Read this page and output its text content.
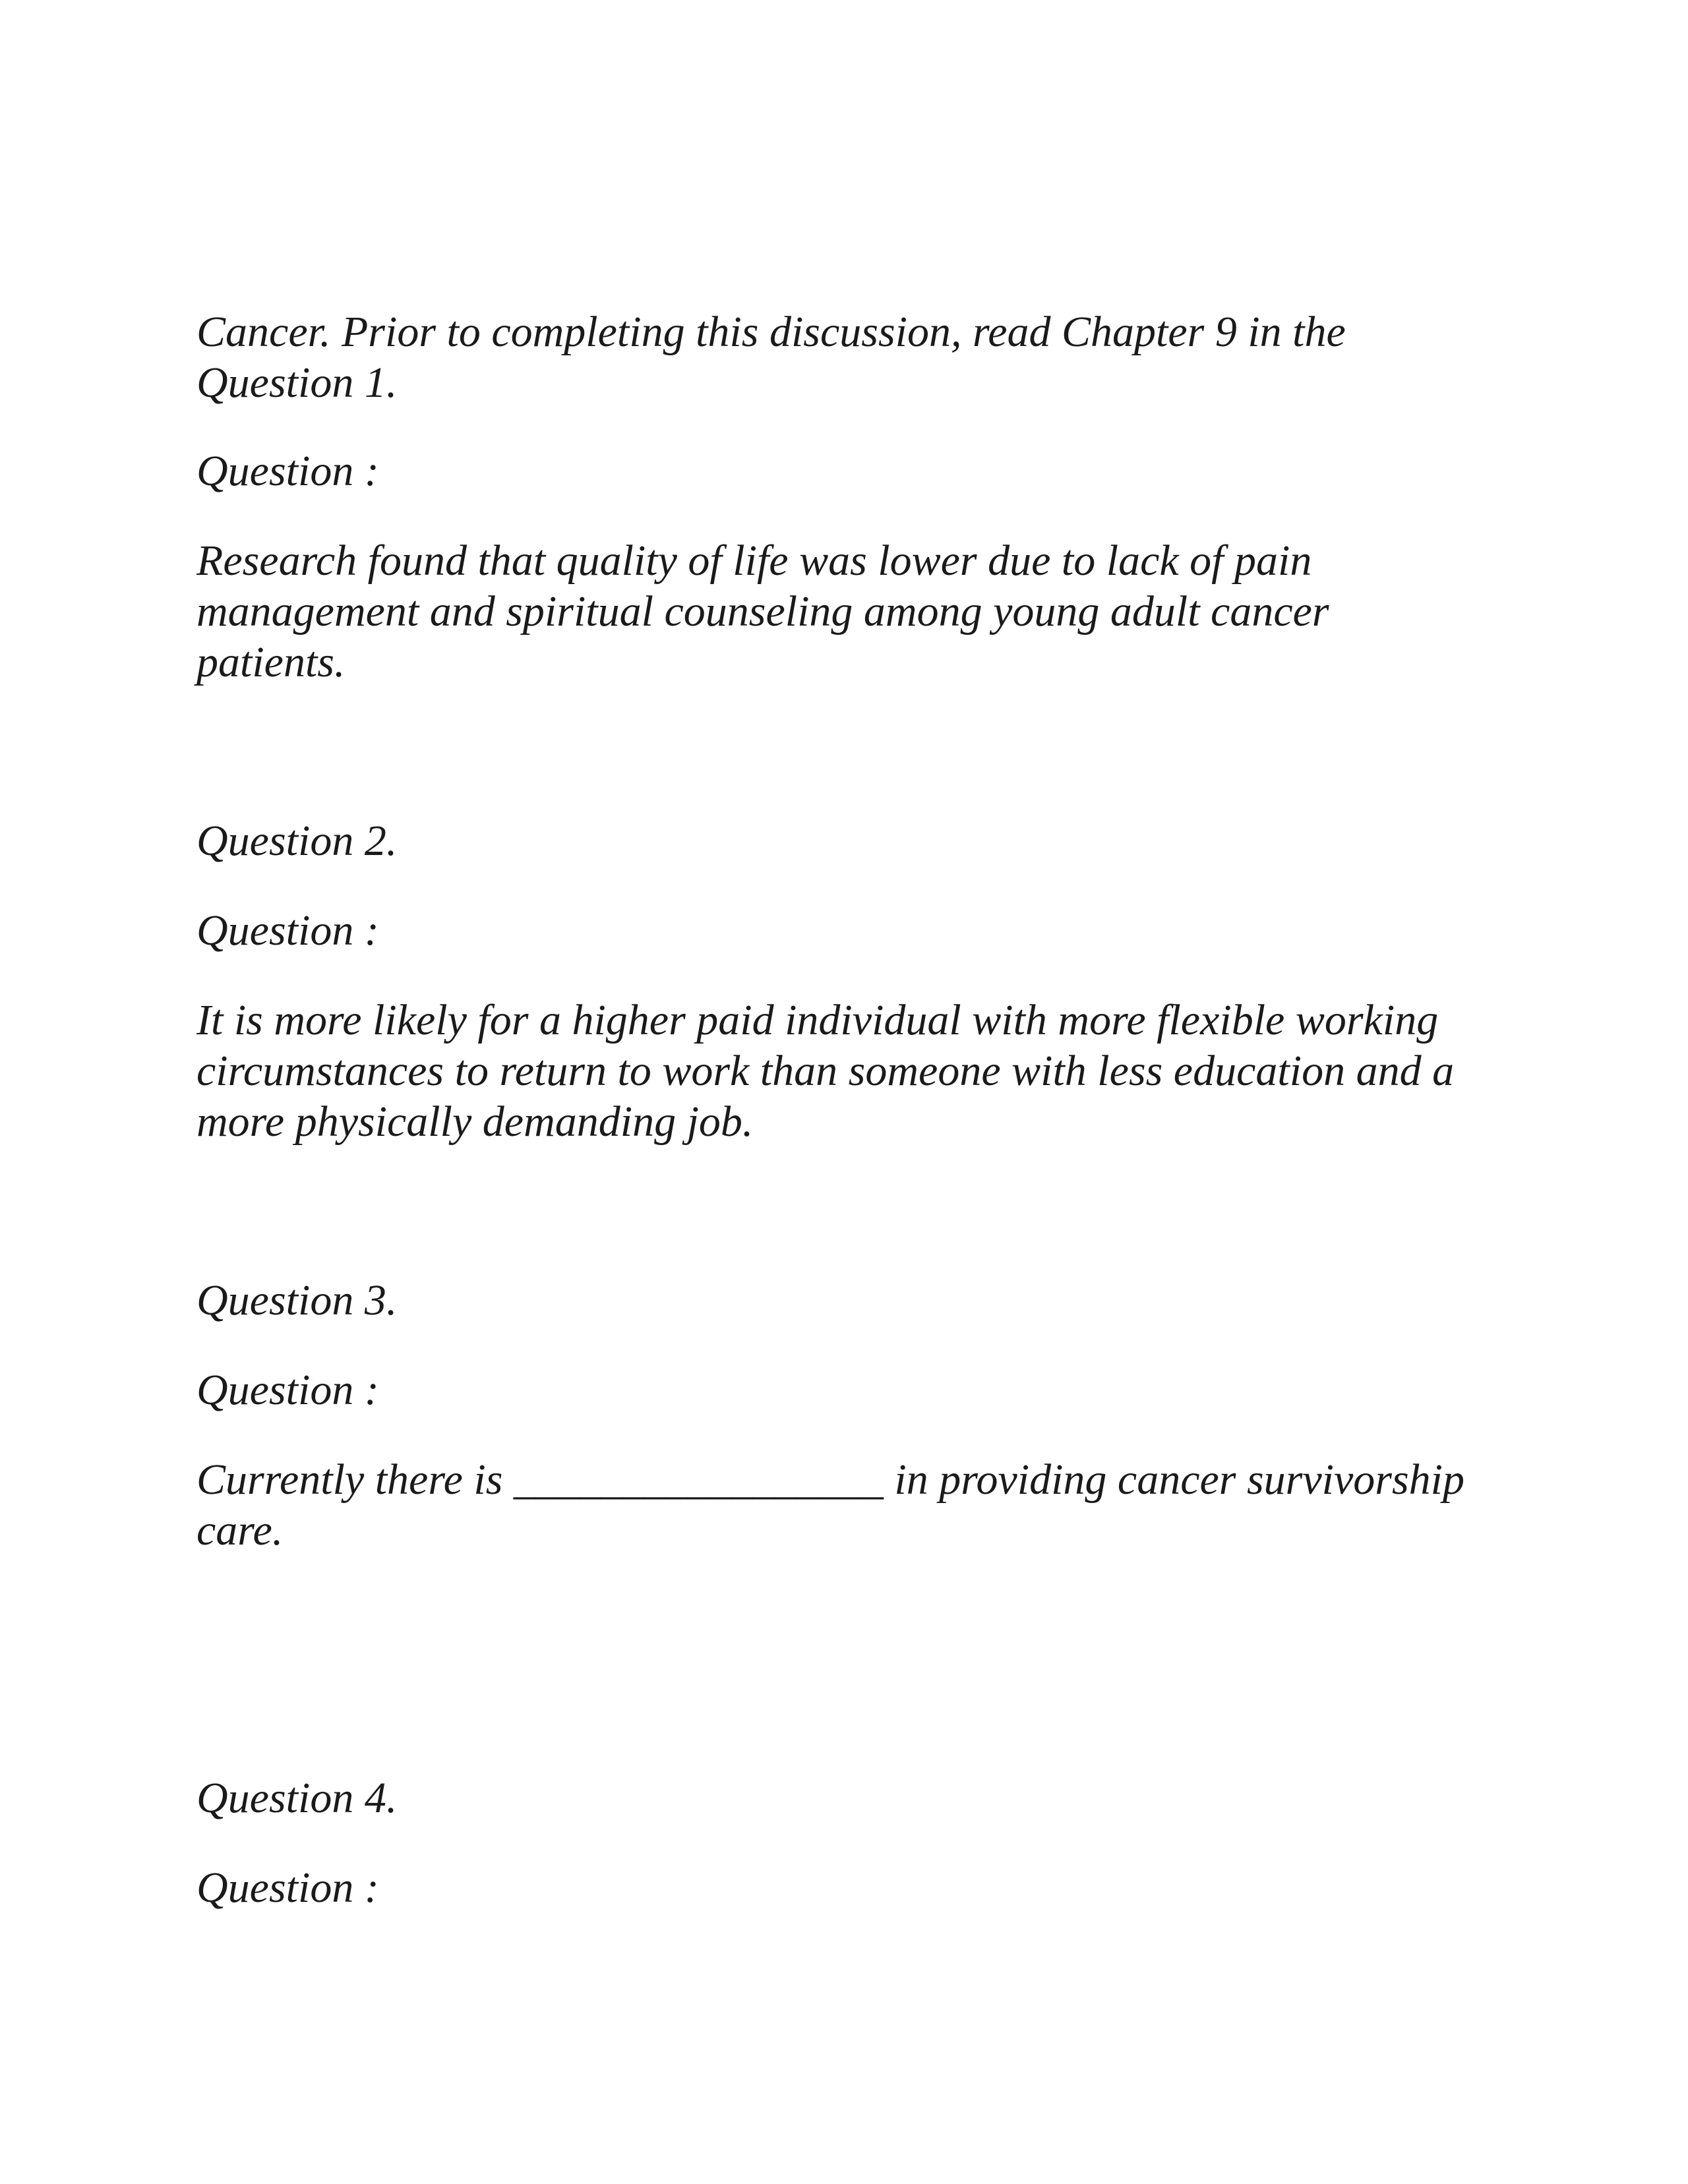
Cancer. Prior to completing this discussion, read Chapter 9 in the

Question 1.

Question :

Research found that quality of life was lower due to lack of pain

management and spiritual counseling among young adult cancer

patients.

Question 2.

Question :

It is more likely for a higher paid individual with more flexible working

circumstances to return to work than someone with less education and a

more physically demanding job.

Question 3.

Question :

Currently there is _________________ in providing cancer survivorship

care.

Question 4.

Question :
